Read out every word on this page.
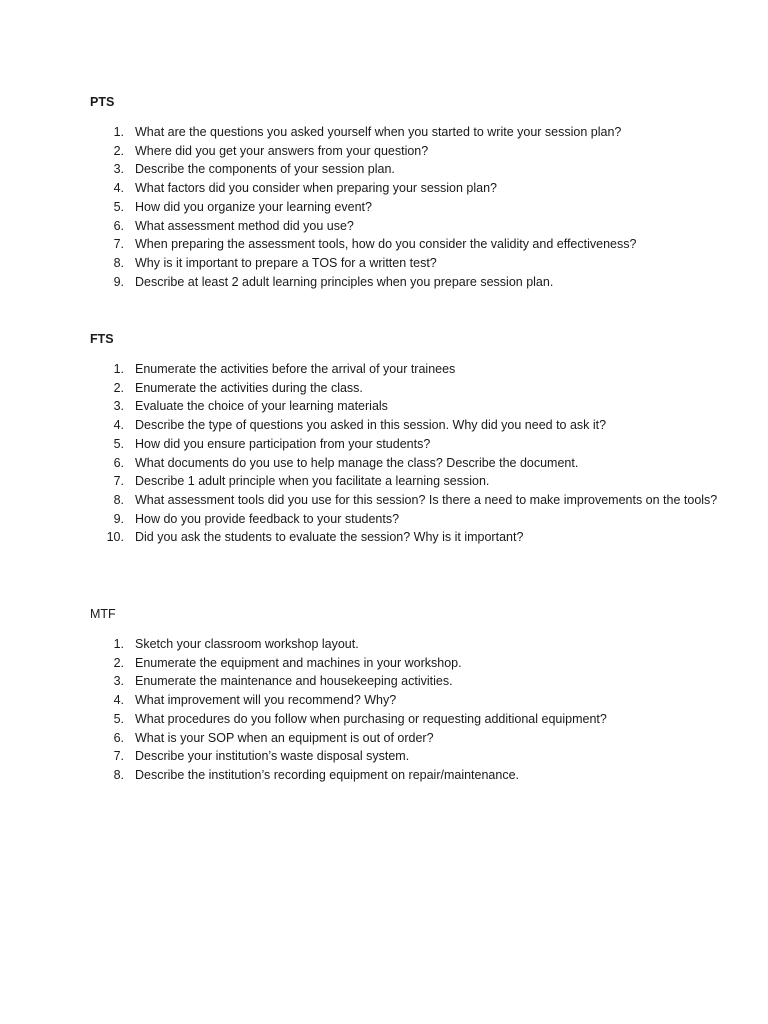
PTS
1. What are the questions you asked yourself when you started to write your session plan?
2. Where did you get your answers from your question?
3. Describe the components of your session plan.
4. What factors did you consider when preparing your session plan?
5. How did you organize your learning event?
6. What assessment method did you use?
7. When preparing the assessment tools, how do you consider the validity and effectiveness?
8. Why is it important to prepare a TOS for a written test?
9. Describe at least 2 adult learning principles when you prepare session plan.
FTS
1. Enumerate the activities before the arrival of your trainees
2. Enumerate the activities during the class.
3. Evaluate the choice of your learning materials
4. Describe the type of questions you asked in this session. Why did you need to ask it?
5. How did you ensure participation from your students?
6. What documents do you use to help manage the class? Describe the document.
7. Describe 1 adult principle when you facilitate a learning session.
8. What assessment tools did you use for this session? Is there a need to make improvements on the tools?
9. How do you provide feedback to your students?
10. Did you ask the students to evaluate the session? Why is it important?
MTF
1. Sketch your classroom workshop layout.
2. Enumerate the equipment and machines in your workshop.
3. Enumerate the maintenance and housekeeping activities.
4. What improvement will you recommend? Why?
5. What procedures do you follow when purchasing or requesting additional equipment?
6. What is your SOP when an equipment is out of order?
7. Describe your institution’s waste disposal system.
8. Describe the institution’s recording equipment on repair/maintenance.
